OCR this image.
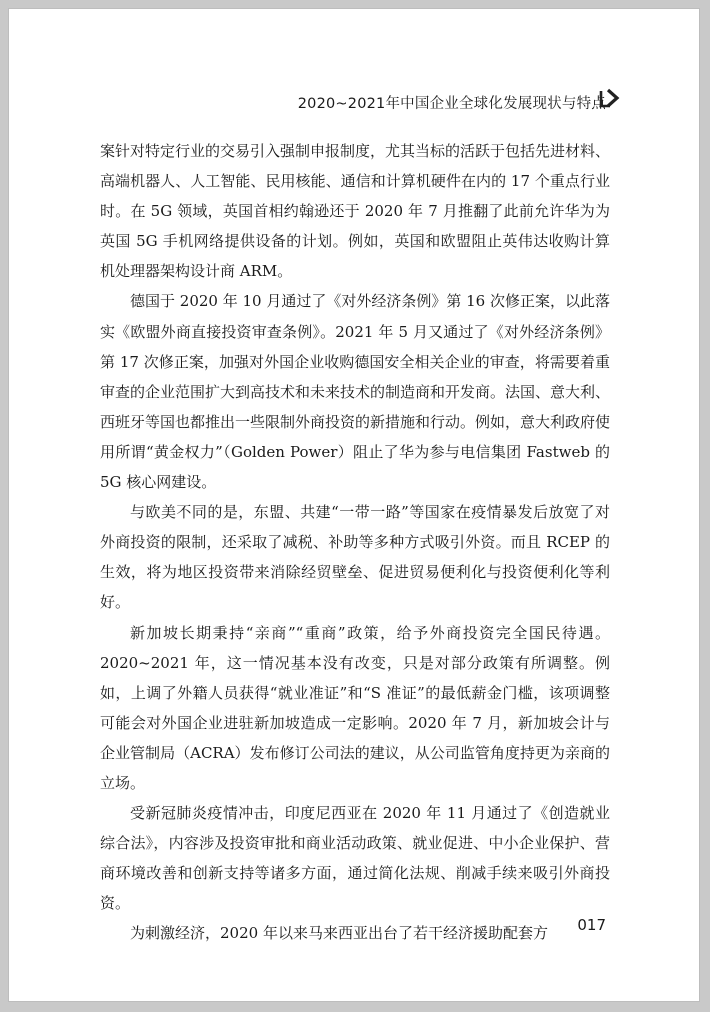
2020~2021年中国企业全球化发展现状与特点

案针对特定行业的交易引入强制申报制度，尤其当标的活跃于包括先进材料、高端机器人、人工智能、民用核能、通信和计算机硬件在内的 17 个重点行业时。在 5G 领域，英国首相约翰逊还于 2020 年 7 月推翻了此前允许华为为英国 5G 手机网络提供设备的计划。例如，英国和欧盟阻止英伟达收购计算机处理器架构设计商 ARM。

德国于 2020 年 10 月通过了《对外经济条例》第 16 次修正案，以此落实《欧盟外商直接投资审查条例》。2021 年 5 月又通过了《对外经济条例》第 17 次修正案，加强对外国企业收购德国安全相关企业的审查，将需要着重审查的企业范围扩大到高技术和未来技术的制造商和开发商。法国、意大利、西班牙等国也都推出一些限制外商投资的新措施和行动。例如，意大利政府使用所谓“黄金权力”（Golden Power）阻止了华为参与电信集团 Fastweb 的 5G 核心网建设。

与欧美不同的是，东盟、共建“一带一路”等国家在疫情暴发后放宽了对外商投资的限制，还采取了减税、补助等多种方式吸引外资。而且 RCEP 的生效，将为地区投资带来消除经贸壁垒、促进贸易便利化与投资便利化等利好。

新加坡长期秉持“亲商”“重商”政策，给予外商投资完全国民待遇。2020~2021 年，这一情况基本没有改变，只是对部分政策有所调整。例如，上调了外籍人员获得“就业准证”和“S 准证”的最低薪金门槛，该项调整可能会对外国企业进驻新加坡造成一定影响。2020 年 7 月，新加坡会计与企业管制局（ACRA）发布修订公司法的建议，从公司监管角度持更为亲商的立场。

受新冠肺炎疫情冲击，印度尼西亚在 2020 年 11 月通过了《创造就业综合法》，内容涉及投资审批和商业活动政策、就业促进、中小企业保护、营商环境改善和创新支持等诸多方面，通过简化法规、削减手续来吸引外商投资。

为刺激经济，2020 年以来马来西亚出台了若干经济援助配套方	017
